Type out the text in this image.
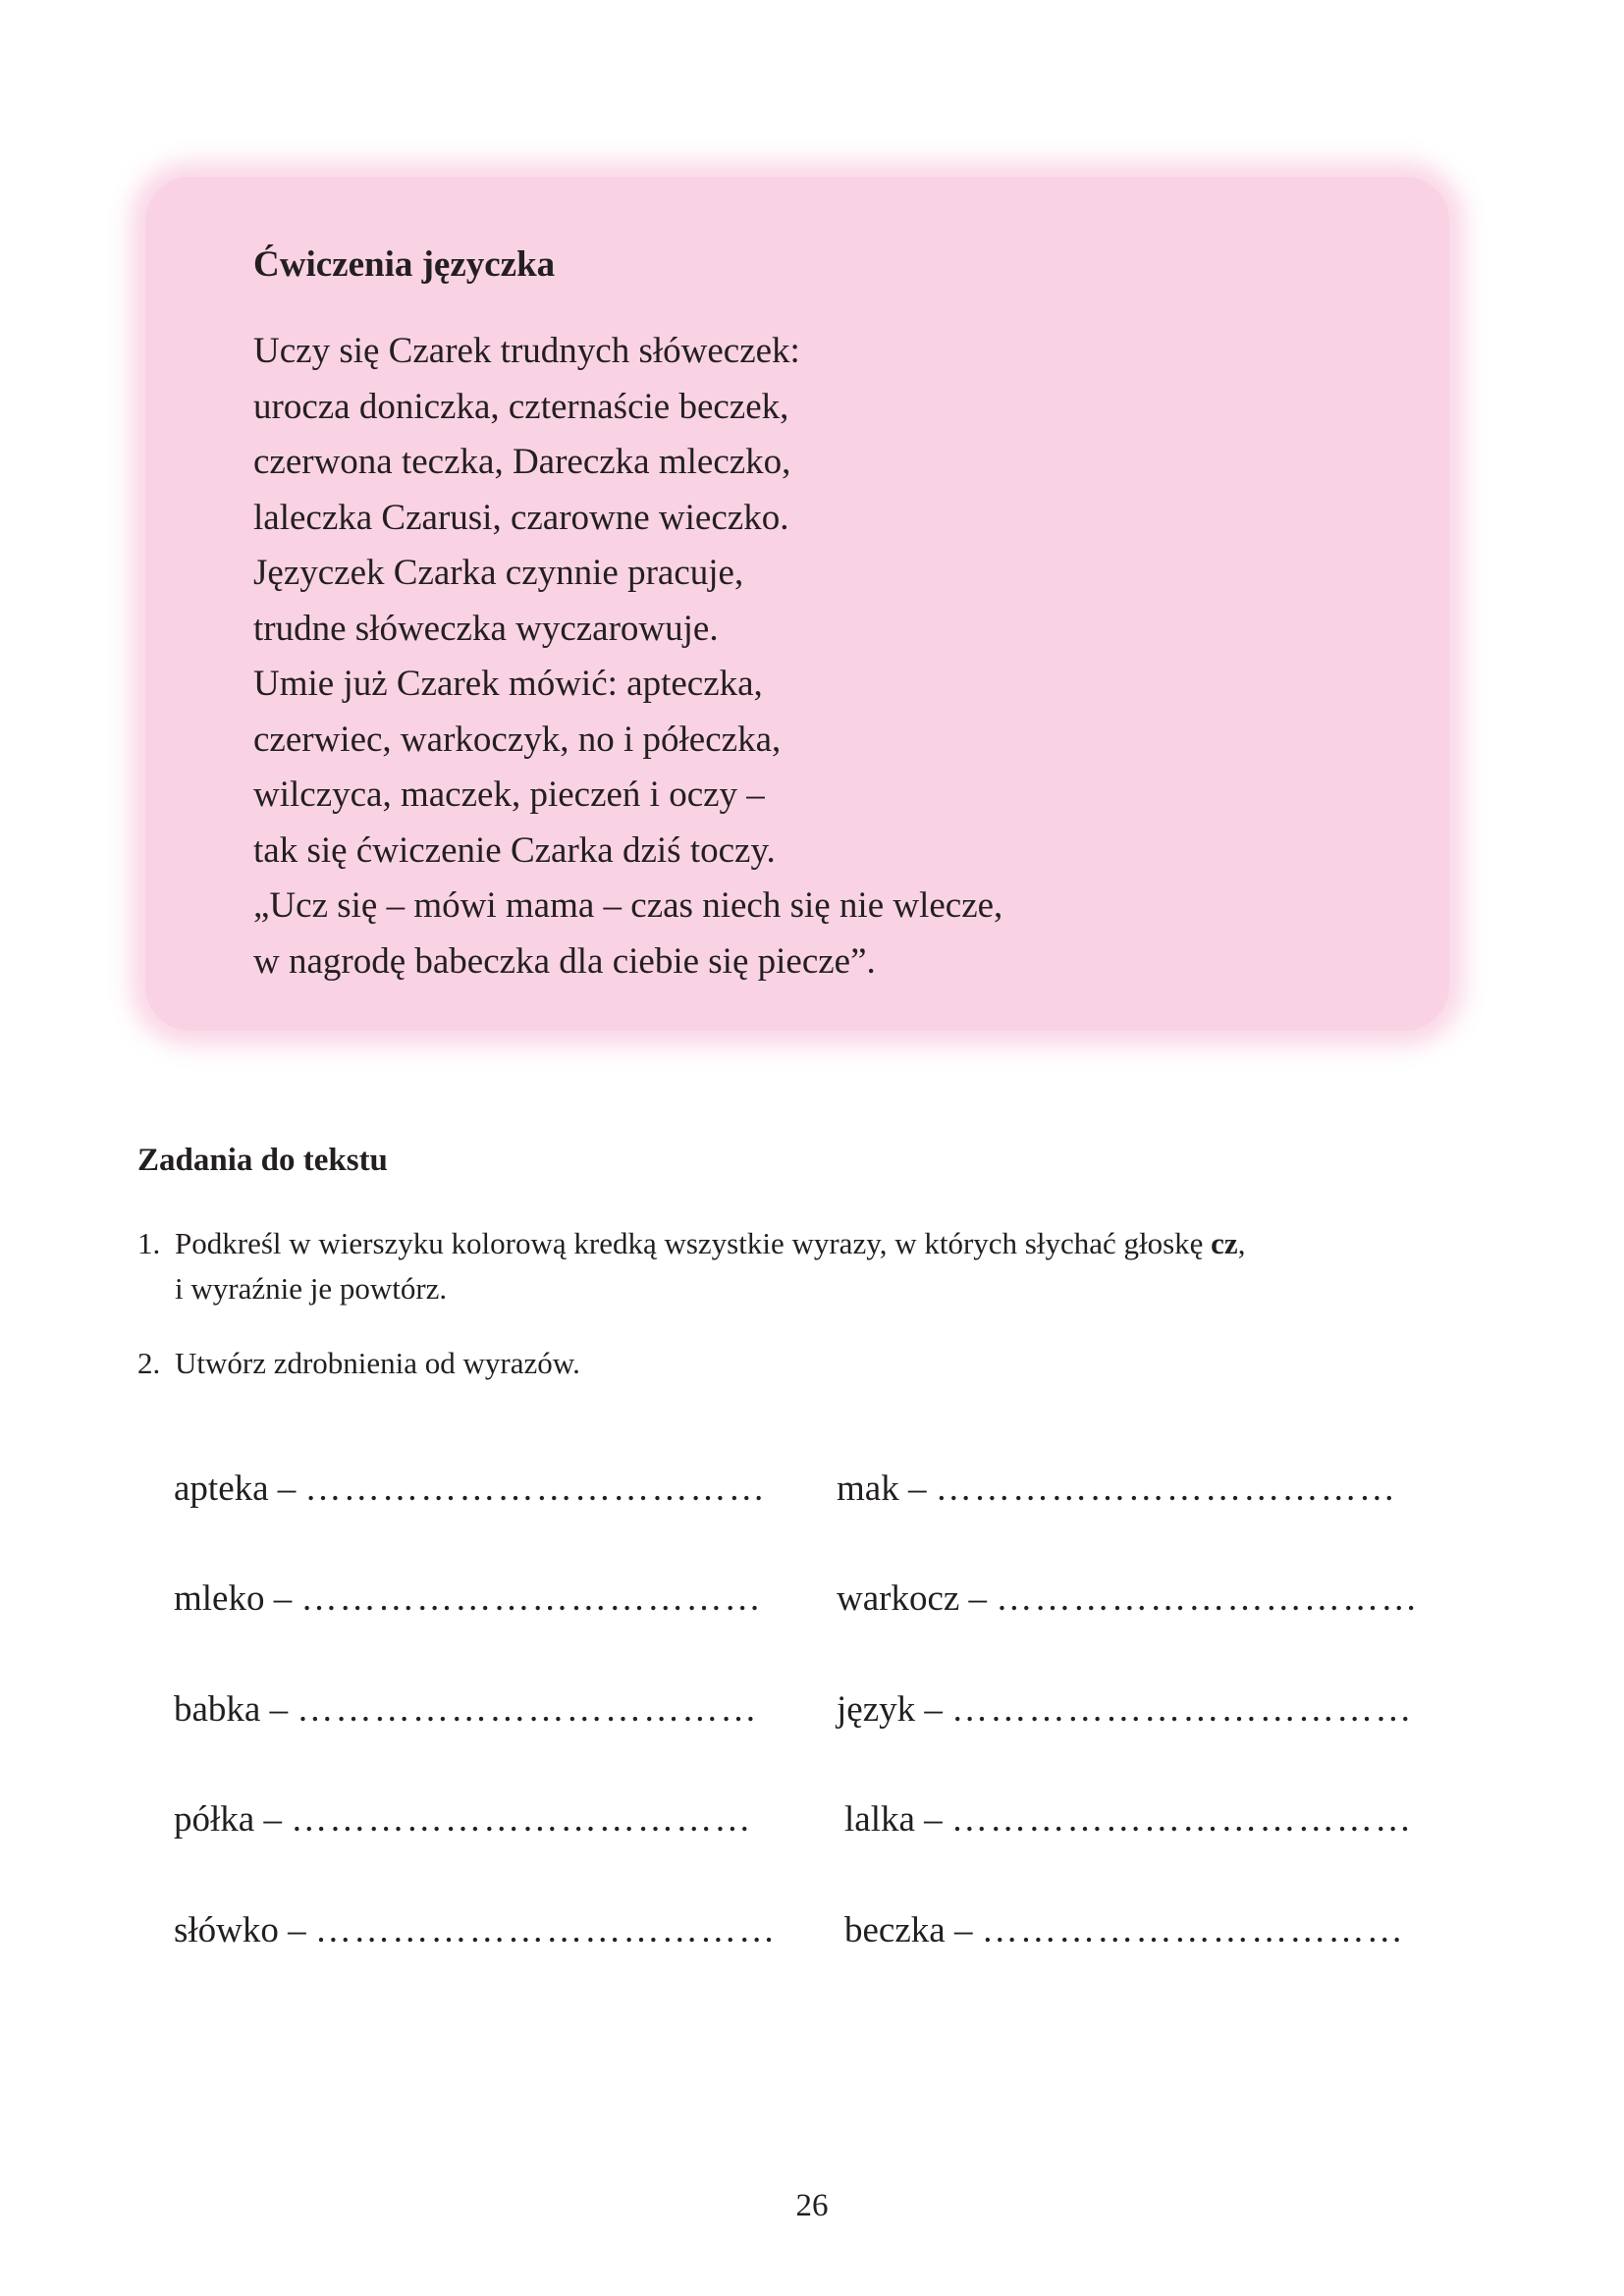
Ćwiczenia języczka
Uczy się Czarek trudnych słóweczek:
urocza doniczka, czternaście beczek,
czerwona teczka, Dareczka mleczko,
laleczka Czarusi, czarowne wieczko.
Języczek Czarka czynnie pracuje,
trudne słóweczka wyczarowuje.
Umie już Czarek mówić: apteczka,
czerwiec, warkoczyk, no i półeczka,
wilczyca, maczek, pieczeń i oczy –
tak się ćwiczenie Czarka dziś toczy.
„Ucz się – mówi mama – czas niech się nie wlecze,
w nagrodę babeczka dla ciebie się piecze”.
Zadania do tekstu
1. Podkreśl w wierszyku kolorową kredką wszystkie wyrazy, w których słychać głoskę cz,
i wyraźnie je powtórz.
2. Utwórz zdrobnienia od wyrazów.
apteka – ………………………………
mleko – ………………………………
babka – ………………………………
półka – ………………………………
słówko – ………………………………
mak – ………………………………
warkocz – ……………………………
język – ………………………………
lalka – ………………………………
beczka – ……………………………
26
